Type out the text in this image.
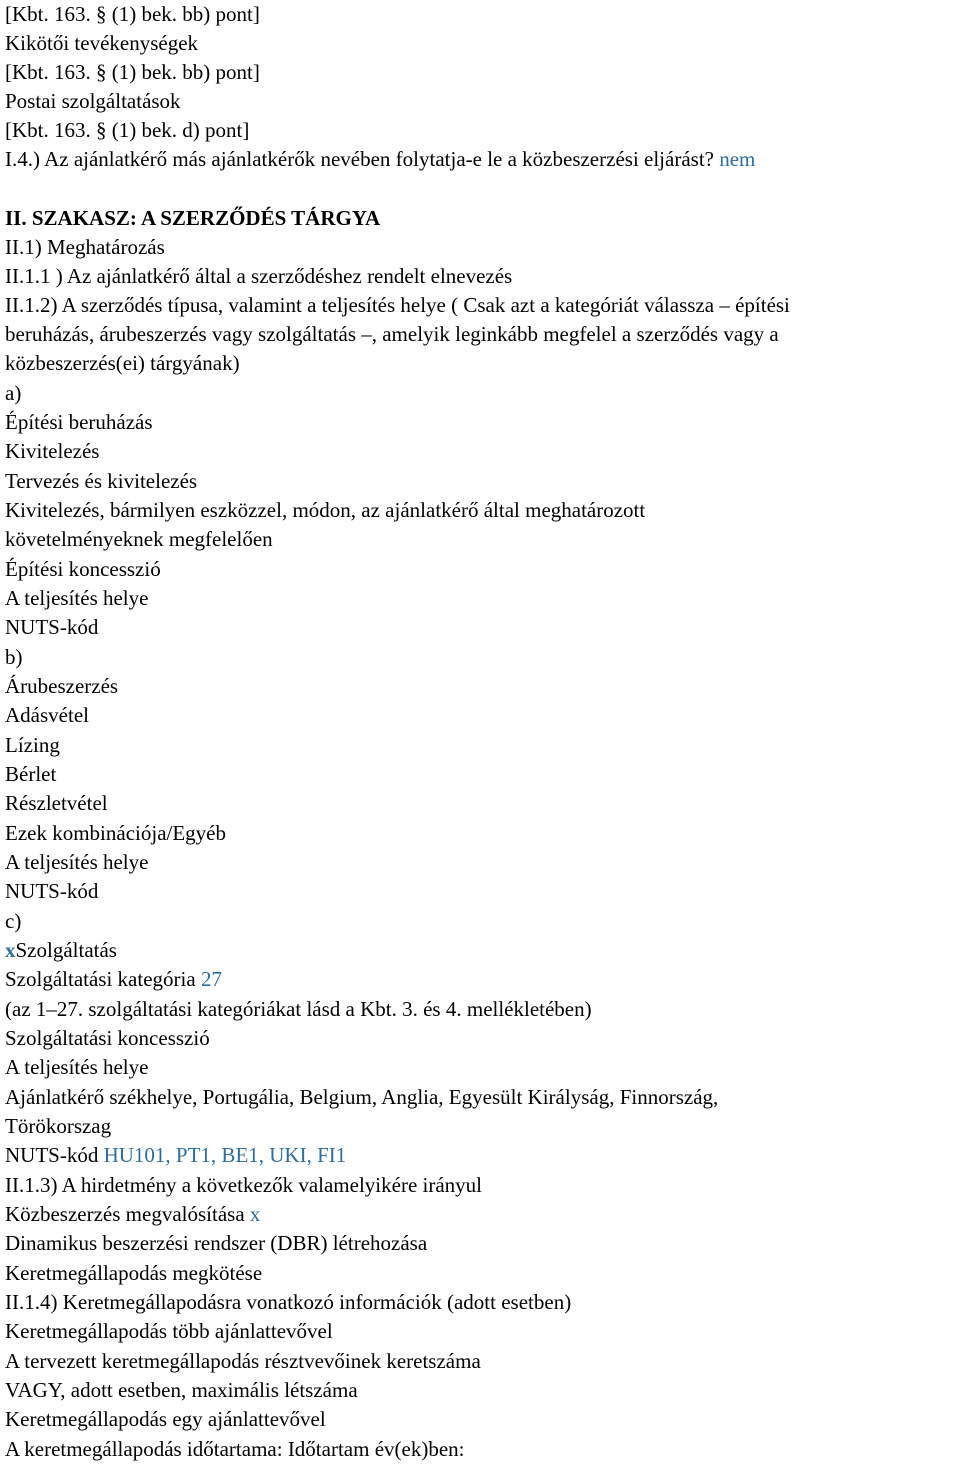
[Kbt. 163. § (1) bek. bb) pont]
Kikötői tevékenységek
[Kbt. 163. § (1) bek. bb) pont]
Postai szolgáltatások
[Kbt. 163. § (1) bek. d) pont]
I.4.) Az ajánlatkérő más ajánlatkérők nevében folytatja-e le a közbeszerzési eljárást? nem
II. SZAKASZ: A SZERZŐDÉS TÁRGYA
II.1) Meghatározás
II.1.1 ) Az ajánlatkérő által a szerződéshez rendelt elnevezés
II.1.2) A szerződés típusa, valamint a teljesítés helye ( Csak azt a kategóriát válassza – építési
beruházás, árubeszerzés vagy szolgáltatás –, amelyik leginkább megfelel a szerződés vagy a
közbeszerzés(ei) tárgyának)
a)
Építési beruházás
Kivitelezés
Tervezés és kivitelezés
Kivitelezés, bármilyen eszközzel, módon, az ajánlatkérő által meghatározott
követelményeknek megfelelően
Építési koncesszió
A teljesítés helye
NUTS-kód
b)
Árubeszerzés
Adásvétel
Lízing
Bérlet
Részletvétel
Ezek kombinációja/Egyéb
A teljesítés helye
NUTS-kód
c)
xSzolgáltatás
Szolgáltatási kategória 27
(az 1–27. szolgáltatási kategóriákat lásd a Kbt. 3. és 4. mellékletében)
Szolgáltatási koncesszió
A teljesítés helye
Ajánlatkérő székhelye, Portugália, Belgium, Anglia, Egyesült Királyság, Finnország,
Törökorszag
NUTS-kód HU101, PT1, BE1, UKI, FI1
II.1.3) A hirdetmény a következők valamelyikére irányul
Közbeszerzés megvalósítása x
Dinamikus beszerzési rendszer (DBR) létrehozása
Keretmegállapodás megkötése
II.1.4) Keretmegállapodásra vonatkozó információk (adott esetben)
Keretmegállapodás több ajánlattevővel
A tervezett keretmegállapodás résztvevőinek keretszáma
VAGY, adott esetben, maximális létszáma
Keretmegállapodás egy ajánlattevővel
A keretmegállapodás időtartama: Időtartam év(ek)ben:
